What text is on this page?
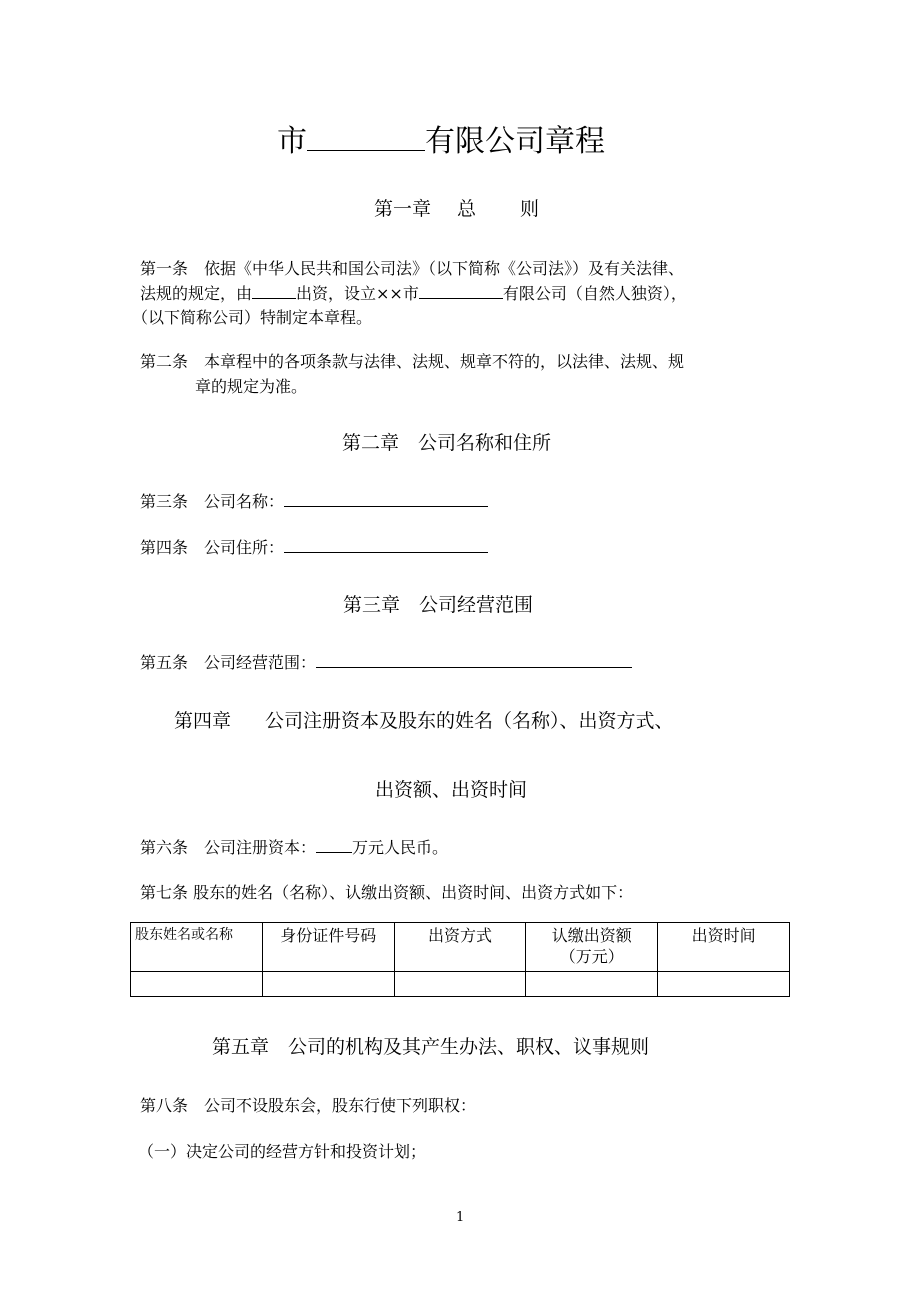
市	有限公司章程
第一章 总 则
第一条　依据《中华人民共和国公司法》（以下简称《公司法》）及有关法律、
法规的规定，由	出资，设立××市	有限公司（自然人独资），
（以下简称公司）特制定本章程。
第二条　本章程中的各项条款与法律、法规、规章不符的，以法律、法规、规
章的规定为准。
第二章　公司名称和住所
第三条　公司名称：
第四条　公司住所：
第三章　公司经营范围
第五条　公司经营范围：
第四章 公司注册资本及股东的姓名（名称）、出资方式、
出资额、出资时间
第六条　公司注册资本： 万元人民币。
第七条 股东的姓名（名称）、认缴出资额、出资时间、出资方式如下：
股东姓名或名称	身份证件号码	出资方式	认缴出资额（万元）	出资时间

第五章　公司的机构及其产生办法、职权、议事规则
第八条　公司不设股东会，股东行使下列职权：
（一）决定公司的经营方针和投资计划；
1
